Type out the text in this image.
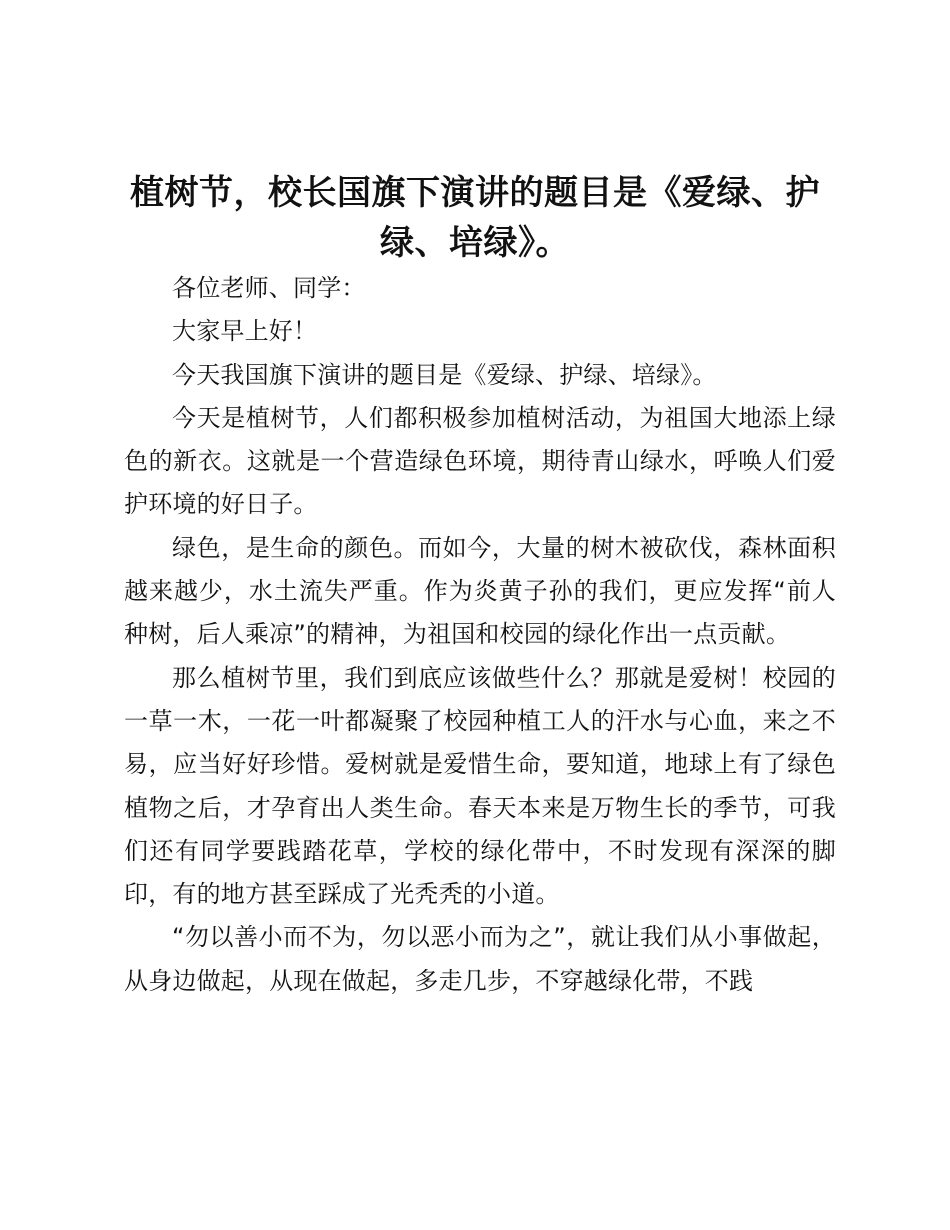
植树节，校长国旗下演讲的题目是《爱绿、护绿、培绿》。

各位老师、同学：

大家早上好！

今天我国旗下演讲的题目是《爱绿、护绿、培绿》。

今天是植树节，人们都积极参加植树活动，为祖国大地添上绿色的新衣。这就是一个营造绿色环境，期待青山绿水，呼唤人们爱护环境的好日子。

绿色，是生命的颜色。而如今，大量的树木被砍伐，森林面积越来越少，水土流失严重。作为炎黄子孙的我们，更应发挥“前人种树，后人乘凉”的精神，为祖国和校园的绿化作出一点贡献。

那么植树节里，我们到底应该做些什么？那就是爱树！校园的一草一木，一花一叶都凝聚了校园种植工人的汗水与心血，来之不易，应当好好珍惜。爱树就是爱惜生命，要知道，地球上有了绿色植物之后，才孕育出人类生命。春天本来是万物生长的季节，可我们还有同学要践踏花草，学校的绿化带中，不时发现有深深的脚印，有的地方甚至踩成了光秃秃的小道。

“勿以善小而不为，勿以恶小而为之”，就让我们从小事做起，从身边做起，从现在做起，多走几步，不穿越绿化带，不践
